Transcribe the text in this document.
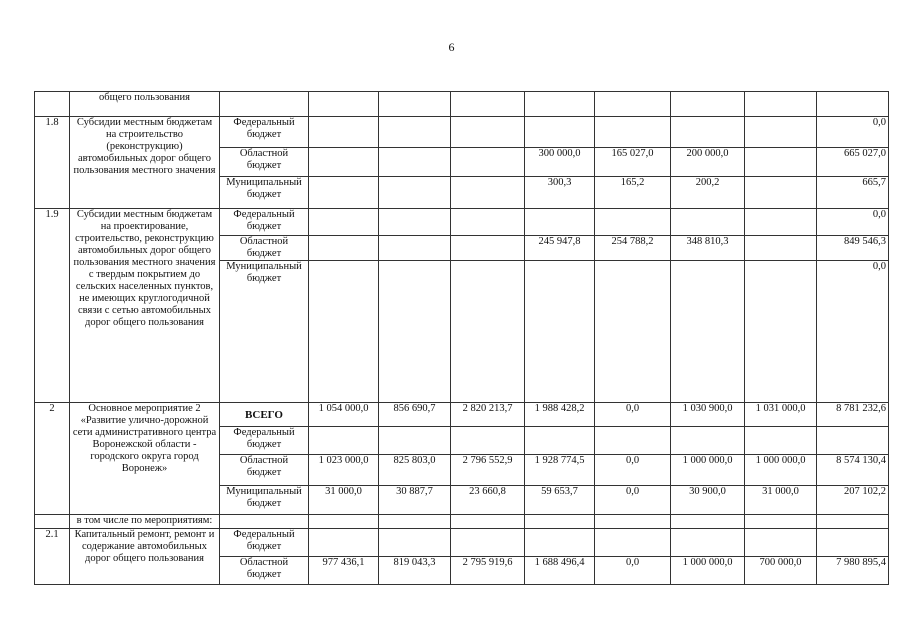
6
	общего пользования									
1.8	Субсидии местным бюджетам на строительство (реконструкцию) автомобильных дорог общего пользования местного значения	Федеральный бюджет								0,0
		Областной бюджет				300 000,0	165 027,0	200 000,0		665 027,0
		Муниципальный бюджет				300,3	165,2	200,2		665,7
1.9	Субсидии местным бюджетам на проектирование, строительство, реконструкцию автомобильных дорог общего пользования местного значения с твердым покрытием до сельских населенных пунктов, не имеющих круглогодичной связи с сетью автомобильных дорог общего пользования	Федеральный бюджет								0,0
		Областной бюджет				245 947,8	254 788,2	348 810,3		849 546,3
		Муниципальный бюджет								0,0
2	Основное мероприятие 2 «Развитие улично-дорожной сети административного центра Воронежской области - городского округа город Воронеж»	ВСЕГО	1 054 000,0	856 690,7	2 820 213,7	1 988 428,2	0,0	1 030 900,0	1 031 000,0	8 781 232,6
		Федеральный бюджет								
		Областной бюджет	1 023 000,0	825 803,0	2 796 552,9	1 928 774,5	0,0	1 000 000,0	1 000 000,0	8 574 130,4
		Муниципальный бюджет	31 000,0	30 887,7	23 660,8	59 653,7	0,0	30 900,0	31 000,0	207 102,2
	в том числе по мероприятиям:									
2.1	Капитальный ремонт, ремонт и содержание автомобильных дорог общего пользования	Федеральный бюджет								
		Областной бюджет	977 436,1	819 043,3	2 795 919,6	1 688 496,4	0,0	1 000 000,0	700 000,0	7 980 895,4
